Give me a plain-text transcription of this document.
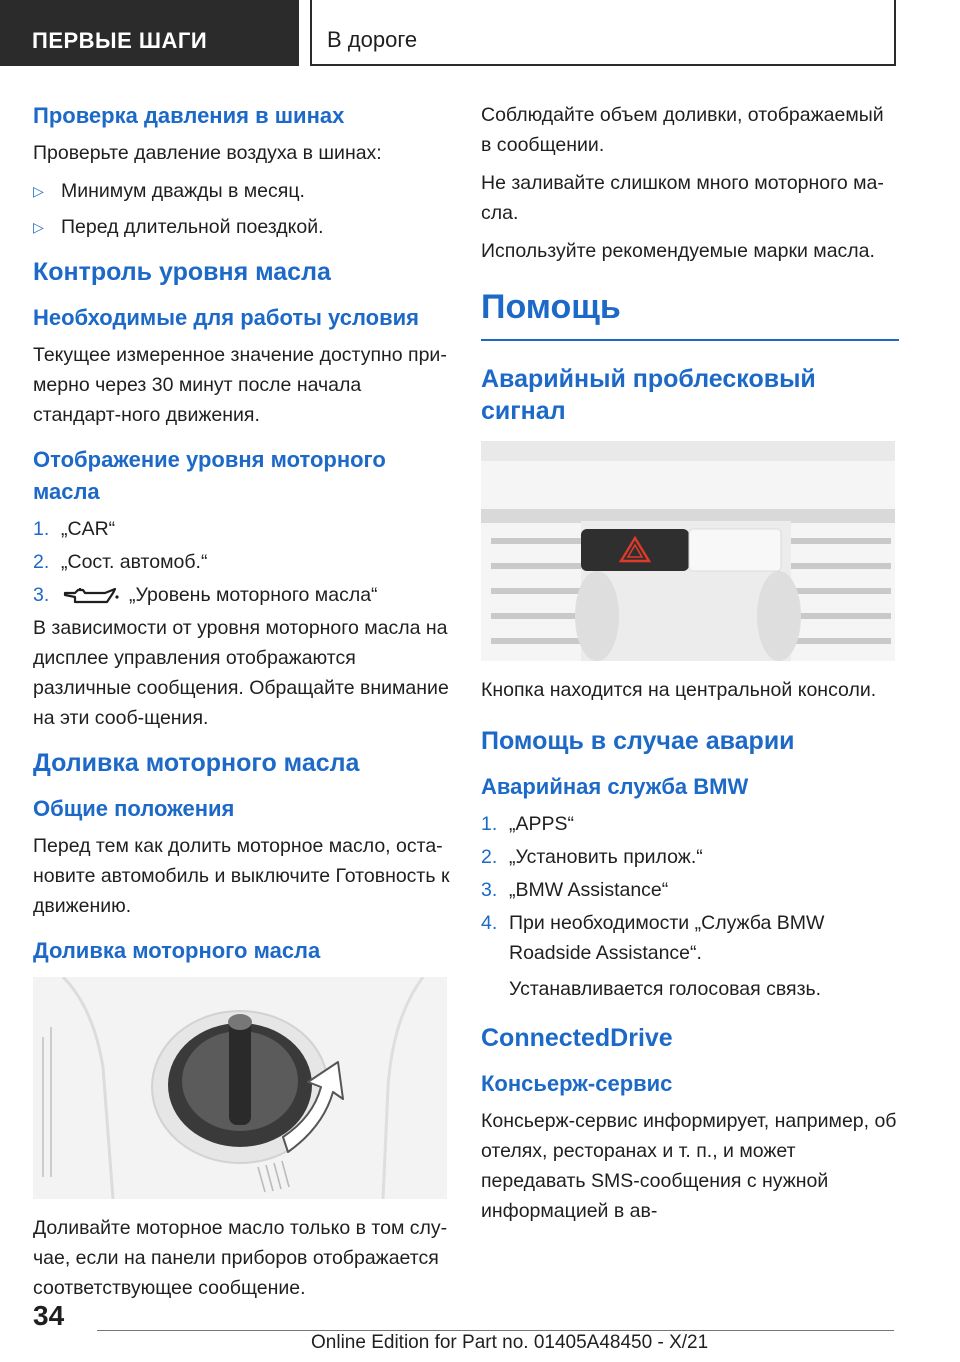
ПЕРВЫЕ ШАГИ	В дороге
Проверка давления в шинах

Проверьте давление воздуха в шинах:

▷ Минимум дважды в месяц.
▷ Перед длительной поездкой.
Контроль уровня масла
Необходимые для работы условия

Текущее измеренное значение доступно при-мерно через 30 минут после начала стандарт-ного движения.

Отображение уровня моторного масла
1. „CAR“
2. „Сост. автомоб.“
3.	„Уровень моторного масла“

В зависимости от уровня моторного масла на дисплее управления отображаются различные сообщения. Обращайте внимание на эти сооб-щения.

Доливка моторного масла
Общие положения

Перед тем как долить моторное масло, оста-новите автомобиль и выключите Готовность к движению.

Доливка моторного масла

Доливайте моторное масло только в том слу-чае, если на панели приборов отображается соответствующее сообщение.

Соблюдайте объем доливки, отображаемый в сообщении.

Не заливайте слишком много моторного ма-сла.

Используйте рекомендуемые марки масла.

Помощь
Аварийный проблесковый сигнал

Кнопка находится на центральной консоли.

Помощь в случае аварии
Аварийная служба BMW
1. „APPS“
2. „Установить прилож.“
3. „BMW Assistance“
4. При необходимости „Служба BMW Roadside Assistance“.
Устанавливается голосовая связь.
ConnectedDrive
Консьерж-сервис

Консьерж-сервис информирует, например, об отелях, ресторанах и т. п., и может передавать SMS-сообщения с нужной информацией в ав-

34
Online Edition for Part no. 01405A48450 - X/21
